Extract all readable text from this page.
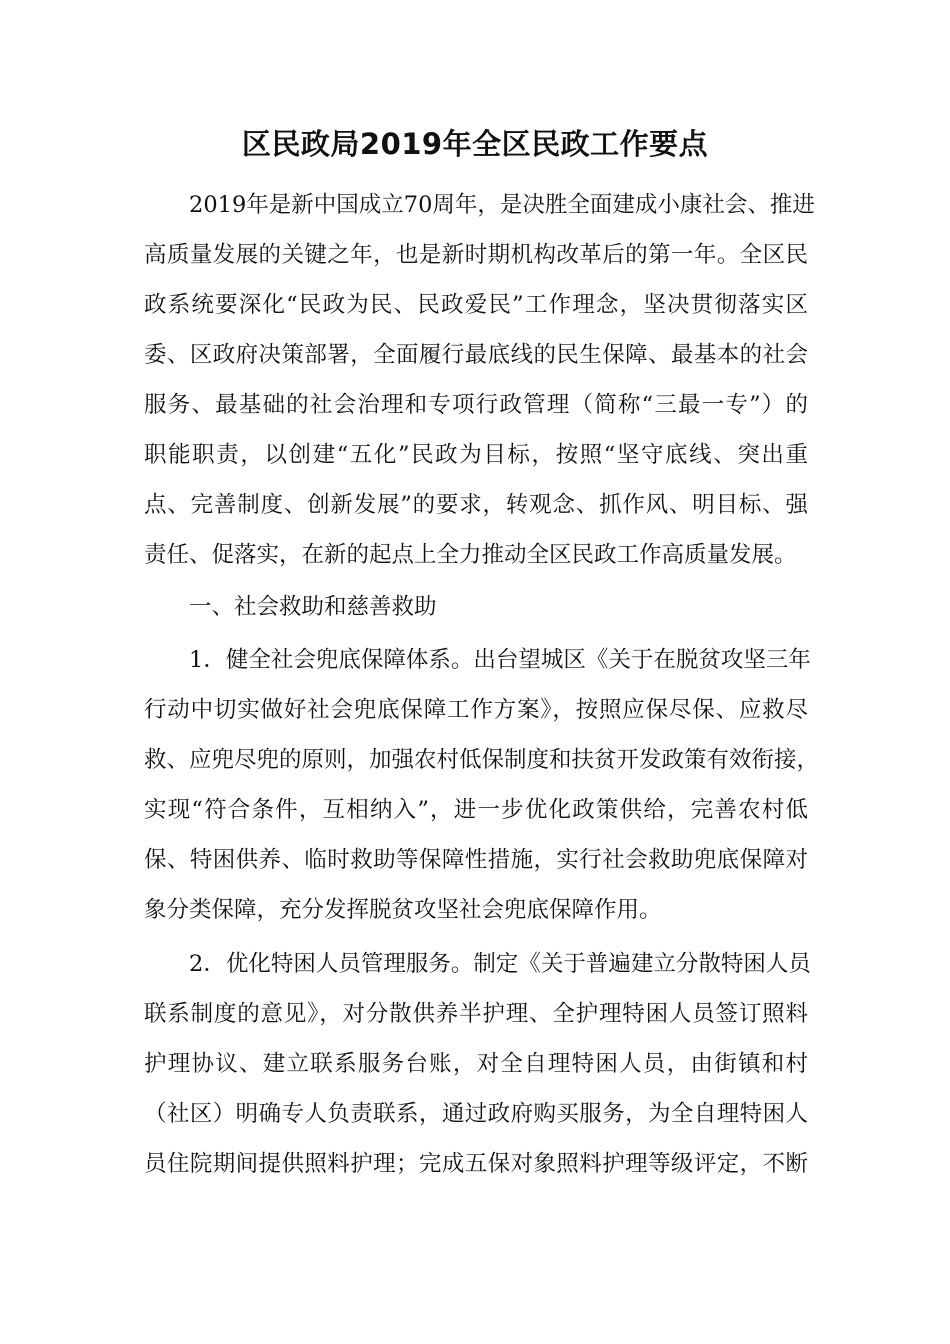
区民政局2019年全区民政工作要点
2019年是新中国成立70周年，是决胜全面建成小康社会、推进
高质量发展的关键之年，也是新时期机构改革后的第一年。全区民
政系统要深化“民政为民、民政爱民”工作理念，坚决贯彻落实区
委、区政府决策部署，全面履行最底线的民生保障、最基本的社会
服务、最基础的社会治理和专项行政管理（简称“三最一专”）的
职能职责，以创建“五化”民政为目标，按照“坚守底线、突出重
点、完善制度、创新发展”的要求，转观念、抓作风、明目标、强
责任、促落实，在新的起点上全力推动全区民政工作高质量发展。
一、社会救助和慈善救助
1．健全社会兜底保障体系。出台望城区《关于在脱贫攻坚三年
行动中切实做好社会兜底保障工作方案》，按照应保尽保、应救尽
救、应兜尽兜的原则，加强农村低保制度和扶贫开发政策有效衔接，
实现“符合条件，互相纳入”，进一步优化政策供给，完善农村低
保、特困供养、临时救助等保障性措施，实行社会救助兜底保障对
象分类保障，充分发挥脱贫攻坚社会兜底保障作用。
2．优化特困人员管理服务。制定《关于普遍建立分散特困人员
联系制度的意见》，对分散供养半护理、全护理特困人员签订照料
护理协议、建立联系服务台账，对全自理特困人员，由街镇和村
（社区）明确专人负责联系，通过政府购买服务，为全自理特困人
员住院期间提供照料护理；完成五保对象照料护理等级评定，不断
